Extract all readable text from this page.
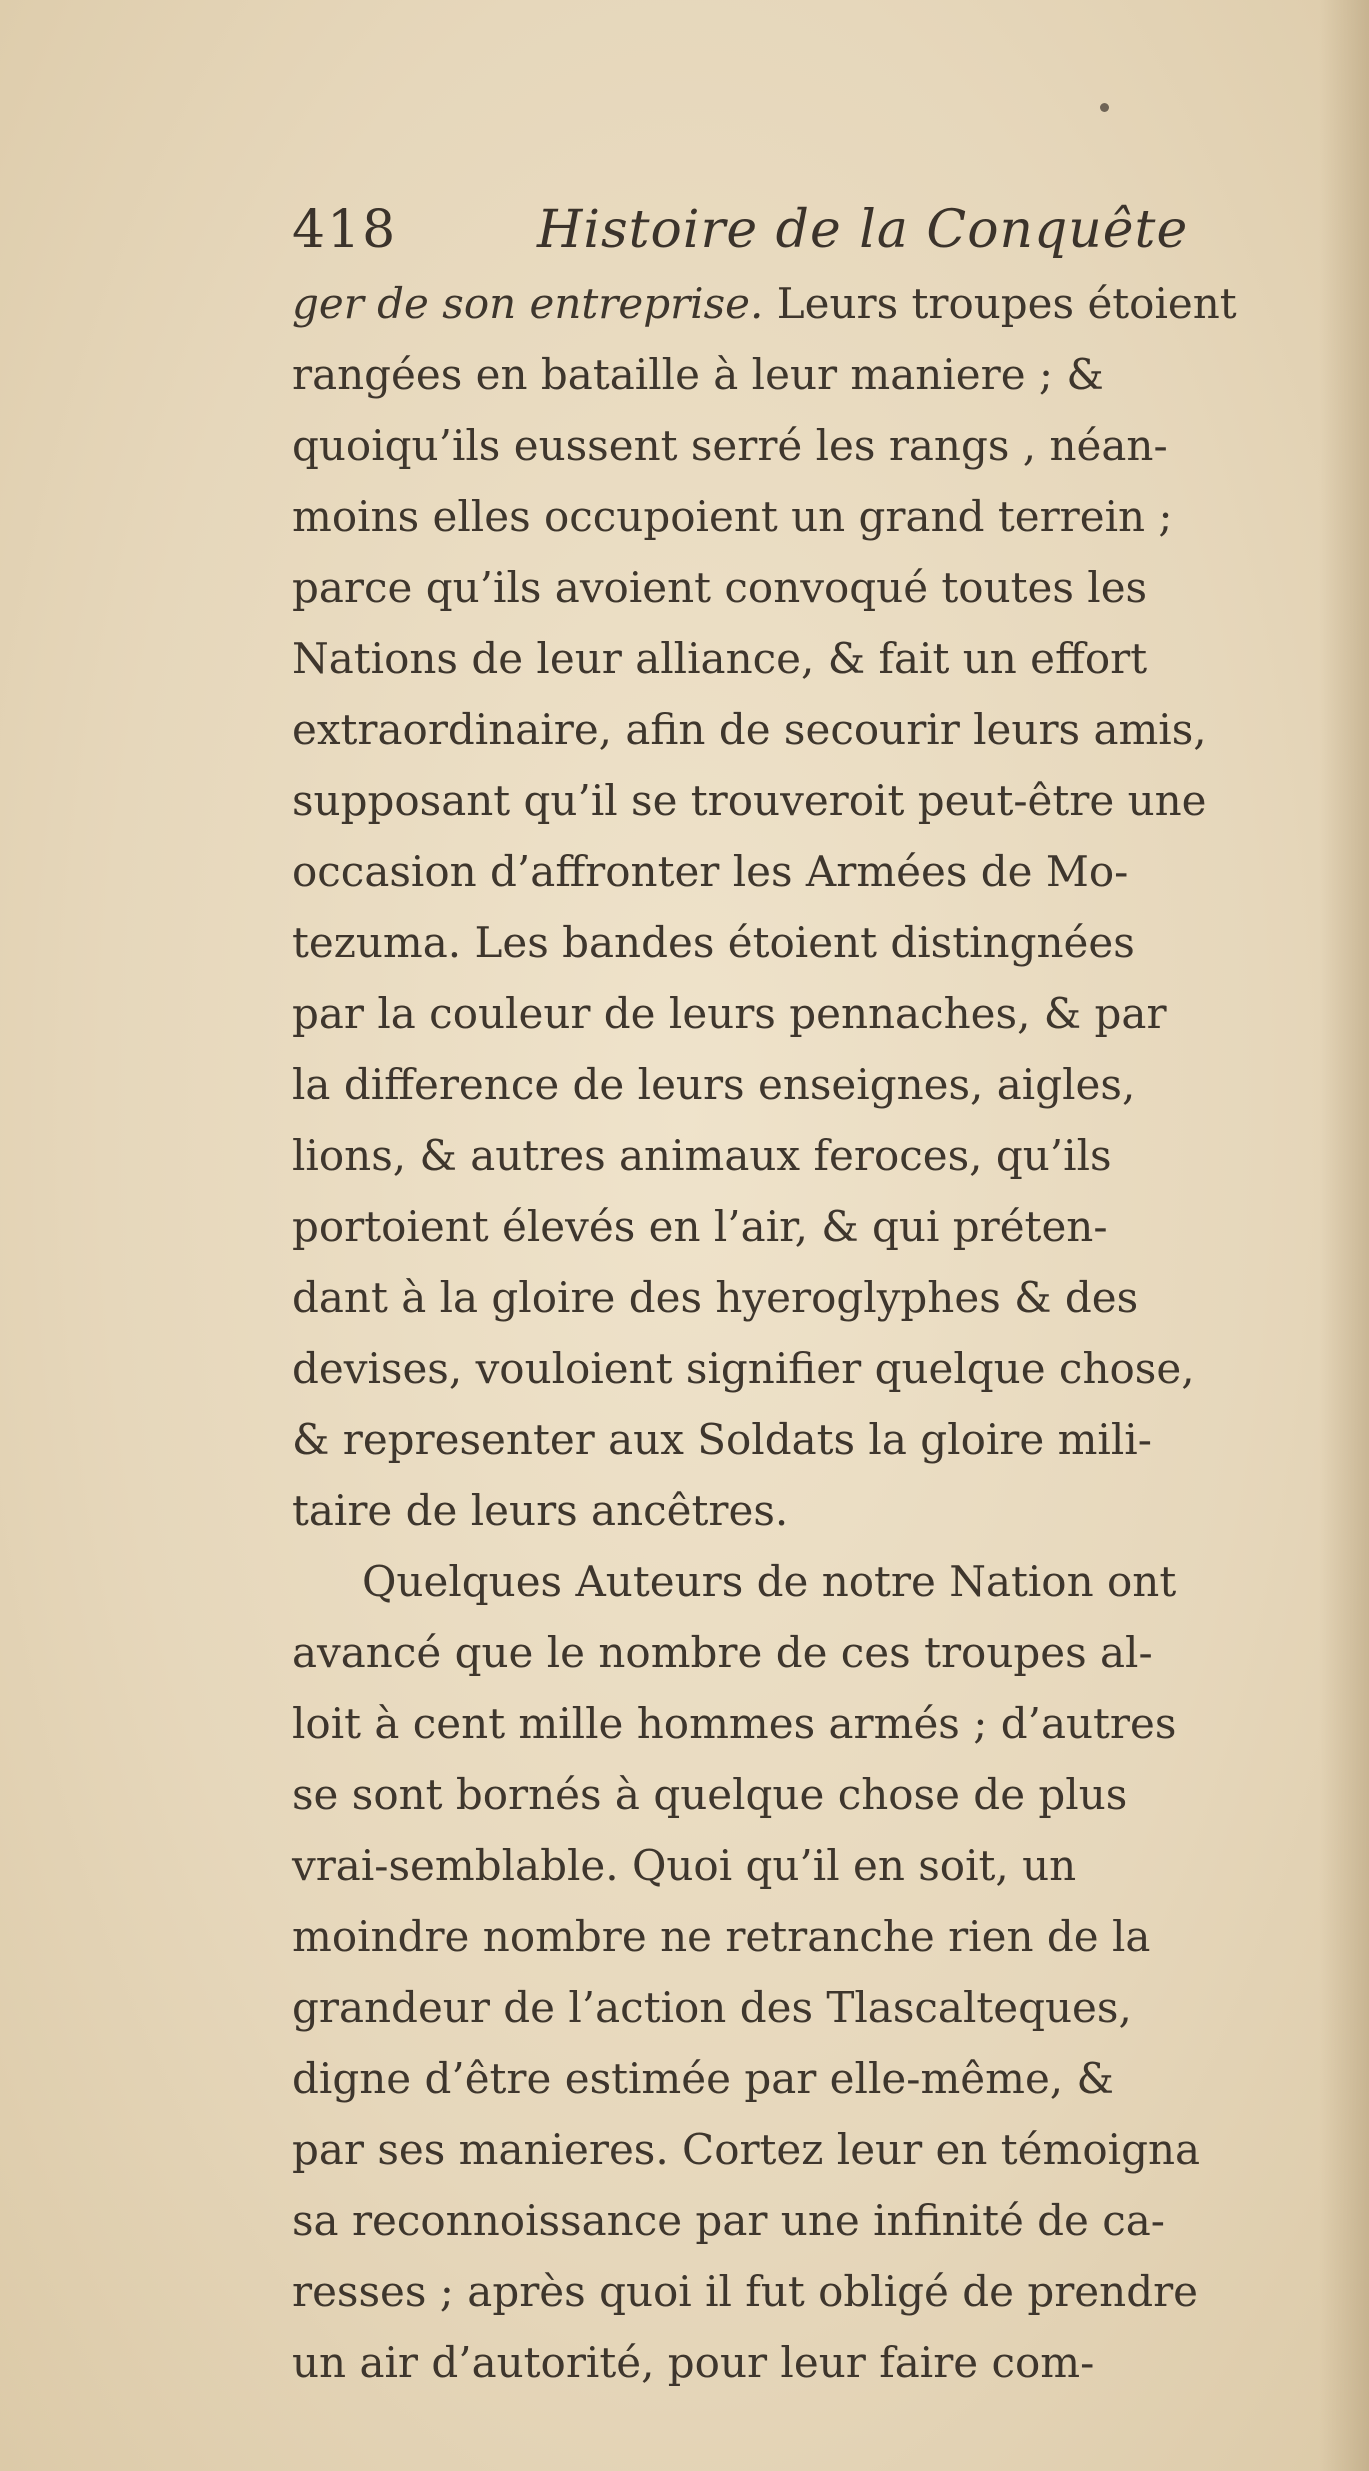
418	Histoire de la Conquête
ger de son entreprise. Leurs troupes étoient
rangées en bataille à leur maniere ; &
quoiqu’ils eussent serré les rangs , néan-
moins elles occupoient un grand terrein ;
parce qu’ils avoient convoqué toutes les
Nations de leur alliance, & fait un effort
extraordinaire, afin de secourir leurs amis,
supposant qu’il se trouveroit peut-être une
occasion d’affronter les Armées de Mo-
tezuma. Les bandes étoient distingnées
par la couleur de leurs pennaches, & par
la difference de leurs enseignes, aigles,
lions, & autres animaux feroces, qu’ils
portoient élevés en l’air, & qui préten-
dant à la gloire des hyeroglyphes & des
devises, vouloient signifier quelque chose,
& representer aux Soldats la gloire mili-
taire de leurs ancêtres.
Quelques Auteurs de notre Nation ont
avancé que le nombre de ces troupes al-
loit à cent mille hommes armés ; d’autres
se sont bornés à quelque chose de plus
vrai-semblable. Quoi qu’il en soit, un
moindre nombre ne retranche rien de la
grandeur de l’action des Tlascalteques,
digne d’être estimée par elle-même, &
par ses manieres. Cortez leur en témoigna
sa reconnoissance par une infinité de ca-
resses ; après quoi il fut obligé de prendre
un air d’autorité, pour leur faire com-
